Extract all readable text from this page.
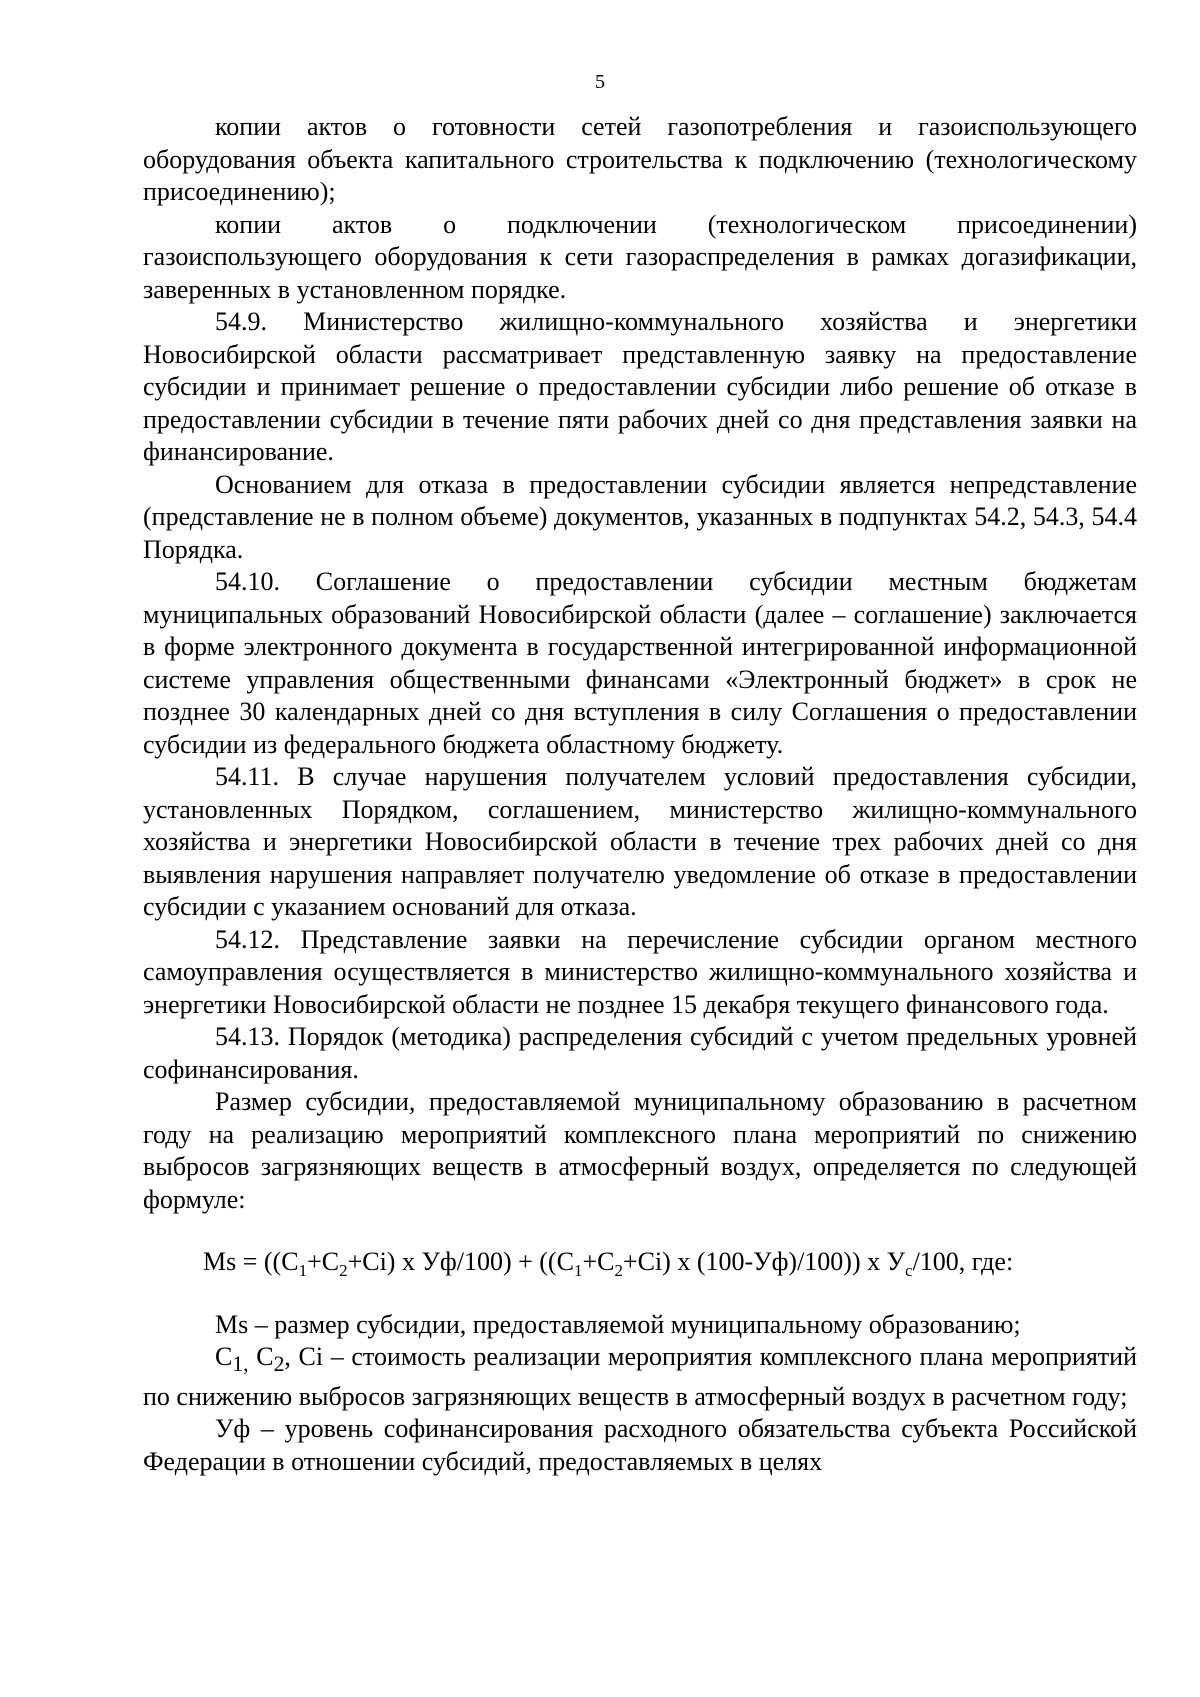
5

копии актов о готовности сетей газопотребления и газоиспользующего оборудования объекта капитального строительства к подключению (технологическому присоединению);

копии актов о подключении (технологическом присоединении) газоиспользующего оборудования к сети газораспределения в рамках догазификации, заверенных в установленном порядке.

54.9. Министерство жилищно-коммунального хозяйства и энергетики Новосибирской области рассматривает представленную заявку на предоставление субсидии и принимает решение о предоставлении субсидии либо решение об отказе в предоставлении субсидии в течение пяти рабочих дней со дня представления заявки на финансирование.

Основанием для отказа в предоставлении субсидии является непредставление (представление не в полном объеме) документов, указанных в подпунктах 54.2, 54.3, 54.4 Порядка.

54.10. Соглашение о предоставлении субсидии местным бюджетам муниципальных образований Новосибирской области (далее – соглашение) заключается в форме электронного документа в государственной интегрированной информационной системе управления общественными финансами «Электронный бюджет» в срок не позднее 30 календарных дней со дня вступления в силу Соглашения о предоставлении субсидии из федерального бюджета областному бюджету.

54.11. В случае нарушения получателем условий предоставления субсидии, установленных Порядком, соглашением, министерство жилищно-коммунального хозяйства и энергетики Новосибирской области в течение трех рабочих дней со дня выявления нарушения направляет получателю уведомление об отказе в предоставлении субсидии с указанием оснований для отказа.

54.12. Представление заявки на перечисление субсидии органом местного самоуправления осуществляется в министерство жилищно-коммунального хозяйства и энергетики Новосибирской области не позднее 15 декабря текущего финансового года.

54.13. Порядок (методика) распределения субсидий с учетом предельных уровней софинансирования.

Размер субсидии, предоставляемой муниципальному образованию в расчетном году на реализацию мероприятий комплексного плана мероприятий по снижению выбросов загрязняющих веществ в атмосферный воздух, определяется по следующей формуле:

$Ms = ((C_1+C_2+Ci)$ х $Уф/100) + ((C_1+C_2+Ci)$ х (100-Уф)/100)) х $У_с/100$, где:

Ms – размер субсидии, предоставляемой муниципальному образованию;

$C_{1,}$ $C_2$, Ci – стоимость реализации мероприятия комплексного плана мероприятий по снижению выбросов загрязняющих веществ в атмосферный воздух в расчетном году;

Уф – уровень софинансирования расходного обязательства субъекта Российской Федерации в отношении субсидий, предоставляемых в целях
